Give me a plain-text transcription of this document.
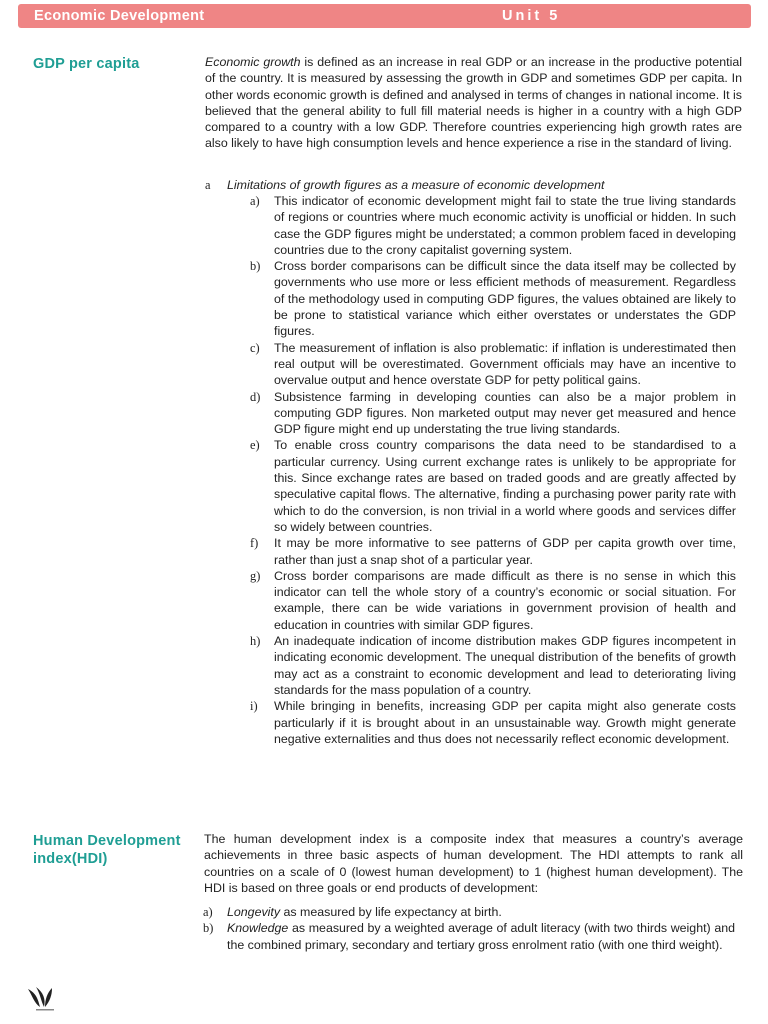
Economic Development	Unit 5
GDP per capita	Economic growth is defined as an increase in real GDP or an increase in the productive potential of the country. It is measured by assessing the growth in GDP and sometimes GDP per capita. In other words economic growth is defined and analysed in terms of changes in national income. It is believed that the general ability to full fill material needs is higher in a country with a high GDP compared to a country with a low GDP. Therefore countries experiencing high growth rates are also likely to have high consumption levels and hence experience a rise in the standard of living.
a Limitations of growth figures as a measure of economic development
a) This indicator of economic development might fail to state the true living standards of regions or countries where much economic activity is unofficial or hidden. In such case the GDP figures might be understated; a common problem faced in developing countries due to the crony capitalist governing system.
b) Cross border comparisons can be difficult since the data itself may be collected by governments who use more or less efficient methods of measurement. Regardless of the methodology used in computing GDP figures, the values obtained are likely to be prone to statistical variance which either overstates or understates the GDP figures.
c) The measurement of inflation is also problematic: if inflation is underestimated then real output will be overestimated. Government officials may have an incentive to overvalue output and hence overstate GDP for petty political gains.
d) Subsistence farming in developing counties can also be a major problem in computing GDP figures. Non marketed output may never get measured and hence GDP figure might end up understating the true living standards.
e) To enable cross country comparisons the data need to be standardised to a particular currency. Using current exchange rates is unlikely to be appropriate for this. Since exchange rates are based on traded goods and are greatly affected by speculative capital flows. The alternative, finding a purchasing power parity rate with which to do the conversion, is non trivial in a world where goods and services differ so widely between countries.
f) It may be more informative to see patterns of GDP per capita growth over time, rather than just a snap shot of a particular year.
g) Cross border comparisons are made difficult as there is no sense in which this indicator can tell the whole story of a country’s economic or social situation. For example, there can be wide variations in government provision of health and education in countries with similar GDP figures.
h) An inadequate indication of income distribution makes GDP figures incompetent in indicating economic development. The unequal distribution of the benefits of growth may act as a constraint to economic development and lead to deteriorating living standards for the mass population of a country.
i) While bringing in benefits, increasing GDP per capita might also generate costs particularly if it is brought about in an unsustainable way. Growth might generate negative externalities and thus does not necessarily reflect economic development.
Human Development
index(HDI)
The human development index is a composite index that measures a country’s average achievements in three basic aspects of human development. The HDI attempts to rank all countries on a scale of 0 (lowest human development) to 1 (highest human development). The HDI is based on three goals or end products of development:
a) Longevity as measured by life expectancy at birth.
b) Knowledge as measured by a weighted average of adult literacy (with two thirds weight) and the combined primary, secondary and tertiary gross enrolment ratio (with one third weight).
